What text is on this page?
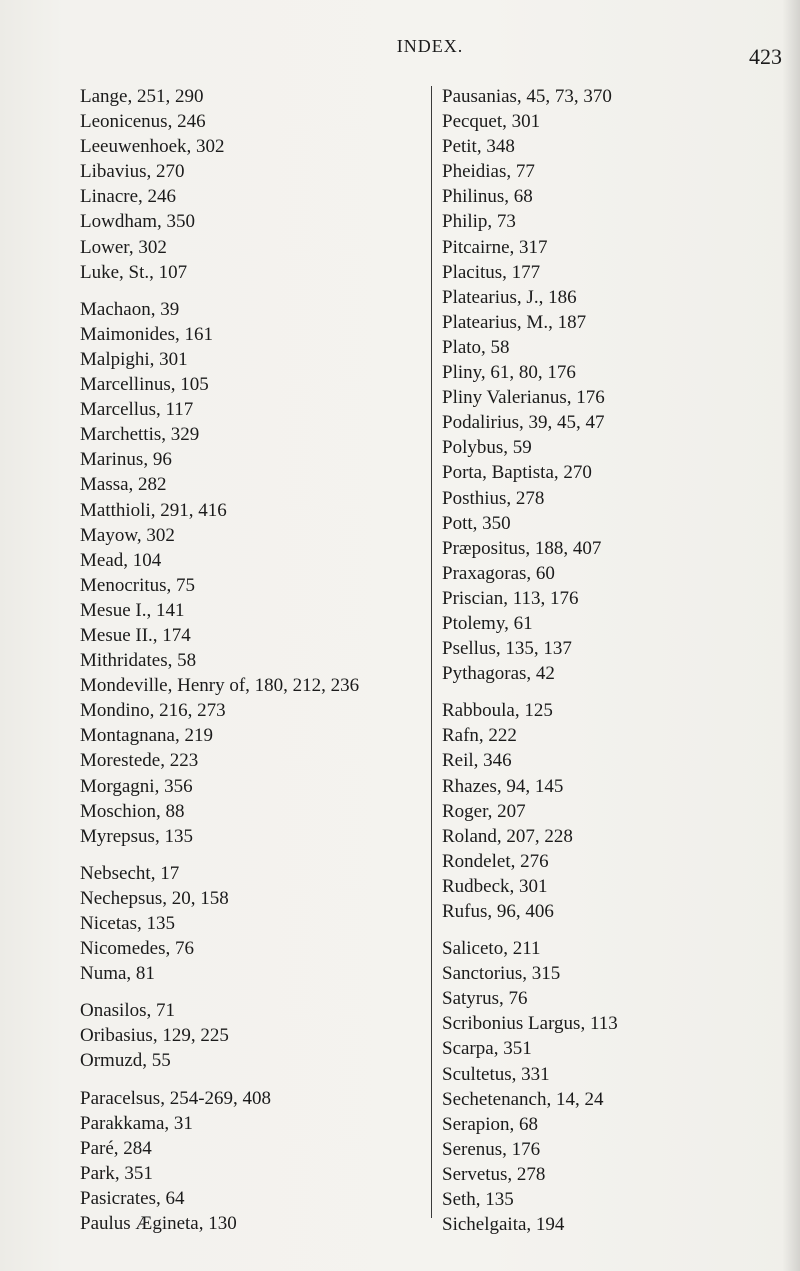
INDEX.	423
Lange, 251, 290
Leonicenus, 246
Leeuwenhoek, 302
Libavius, 270
Linacre, 246
Lowdham, 350
Lower, 302
Luke, St., 107
Machaon, 39
Maimonides, 161
Malpighi, 301
Marcellinus, 105
Marcellus, 117
Marchettis, 329
Marinus, 96
Massa, 282
Matthioli, 291, 416
Mayow, 302
Mead, 104
Menocritus, 75
Mesue I., 141
Mesue II., 174
Mithridates, 58
Mondeville, Henry of, 180, 212, 236
Mondino, 216, 273
Montagnana, 219
Morestede, 223
Morgagni, 356
Moschion, 88
Myrepsus, 135
Nebsecht, 17
Nechepsus, 20, 158
Nicetas, 135
Nicomedes, 76
Numa, 81
Onasilos, 71
Oribasius, 129, 225
Ormuzd, 55
Paracelsus, 254-269, 408
Parakkama, 31
Paré, 284
Park, 351
Pasicrates, 64
Paulus Ægineta, 130
Pausanias, 45, 73, 370
Pecquet, 301
Petit, 348
Pheidias, 77
Philinus, 68
Philip, 73
Pitcairne, 317
Placitus, 177
Platearius, J., 186
Platearius, M., 187
Plato, 58
Pliny, 61, 80, 176
Pliny Valerianus, 176
Podalirius, 39, 45, 47
Polybus, 59
Porta, Baptista, 270
Posthius, 278
Pott, 350
Præpositus, 188, 407
Praxagoras, 60
Priscian, 113, 176
Ptolemy, 61
Psellus, 135, 137
Pythagoras, 42
Rabboula, 125
Rafn, 222
Reil, 346
Rhazes, 94, 145
Roger, 207
Roland, 207, 228
Rondelet, 276
Rudbeck, 301
Rufus, 96, 406
Saliceto, 211
Sanctorius, 315
Satyrus, 76
Scribonius Largus, 113
Scarpa, 351
Scultetus, 331
Sechetenanch, 14, 24
Serapion, 68
Serenus, 176
Servetus, 278
Seth, 135
Sichelgaita, 194
